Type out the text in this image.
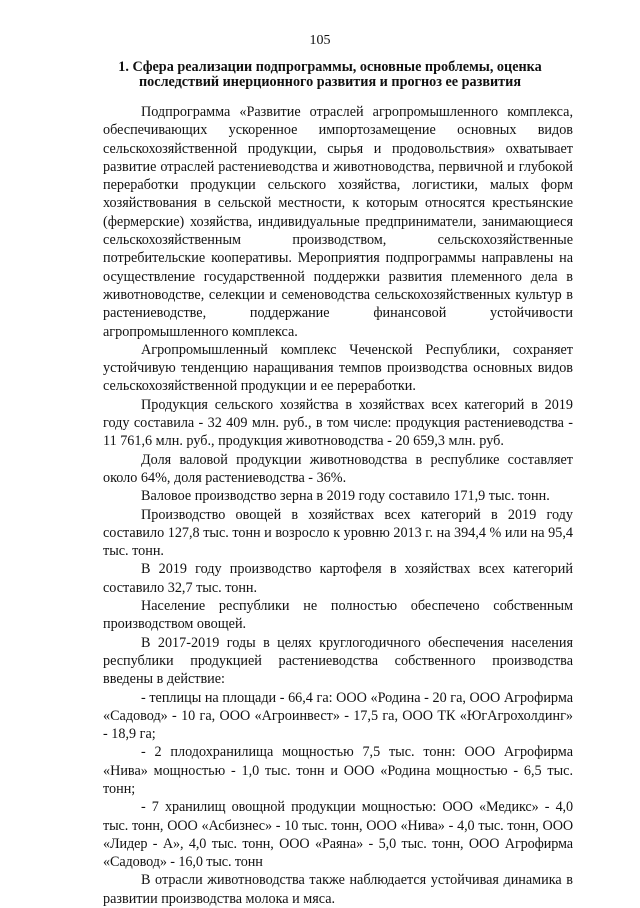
105
1. Сфера реализации подпрограммы, основные проблемы, оценка последствий инерционного развития и прогноз ее развития

Подпрограмма «Развитие отраслей агропромышленного комплекса, обеспечивающих ускоренное импортозамещение основных видов сельскохозяйственной продукции, сырья и продовольствия» охватывает развитие отраслей растениеводства и животноводства, первичной и глубокой переработки продукции сельского хозяйства, логистики, малых форм хозяйствования в сельской местности, к которым относятся крестьянские (фермерские) хозяйства, индивидуальные предприниматели, занимающиеся сельскохозяйственным производством, сельскохозяйственные потребительские кооперативы. Мероприятия подпрограммы направлены на осуществление государственной поддержки развития племенного дела в животноводстве, селекции и семеноводства сельскохозяйственных культур в растениеводстве, поддержание финансовой устойчивости агропромышленного комплекса.

Агропромышленный комплекс Чеченской Республики, сохраняет устойчивую тенденцию наращивания темпов производства основных видов сельскохозяйственной продукции и ее переработки.

Продукция сельского хозяйства в хозяйствах всех категорий в 2019 году составила - 32 409 млн. руб., в том числе: продукция растениеводства - 11 761,6 млн. руб., продукция животноводства - 20 659,3 млн. руб.

Доля валовой продукции животноводства в республике составляет около 64%, доля растениеводства - 36%.

Валовое производство зерна в 2019 году составило 171,9 тыс. тонн.

Производство овощей в хозяйствах всех категорий в 2019 году составило 127,8 тыс. тонн и возросло к уровню 2013 г. на 394,4 % или на 95,4 тыс. тонн.

В 2019 году производство картофеля в хозяйствах всех категорий составило 32,7 тыс. тонн.

Население республики не полностью обеспечено собственным производством овощей.

В 2017-2019 годы в целях круглогодичного обеспечения населения республики продукцией растениеводства собственного производства введены в действие:

- теплицы на площади - 66,4 га: ООО «Родина - 20 га, ООО Агрофирма «Садовод» - 10 га, ООО «Агроинвест» - 17,5 га, ООО ТК «ЮгАгрохолдинг» - 18,9 га;

- 2 плодохранилища мощностью 7,5 тыс. тонн: ООО Агрофирма «Нива» мощностью - 1,0 тыс. тонн и ООО «Родина мощностью - 6,5 тыс. тонн;

- 7 хранилищ овощной продукции мощностью: ООО «Медикс» - 4,0 тыс. тонн, ООО «Асбизнес» - 10 тыс. тонн, ООО «Нива» - 4,0 тыс. тонн, ООО «Лидер - А», 4,0 тыс. тонн, ООО «Раяна» - 5,0 тыс. тонн, ООО Агрофирма «Садовод» - 16,0 тыс. тонн

В отрасли животноводства также наблюдается устойчивая динамика в развитии производства молока и мяса.
